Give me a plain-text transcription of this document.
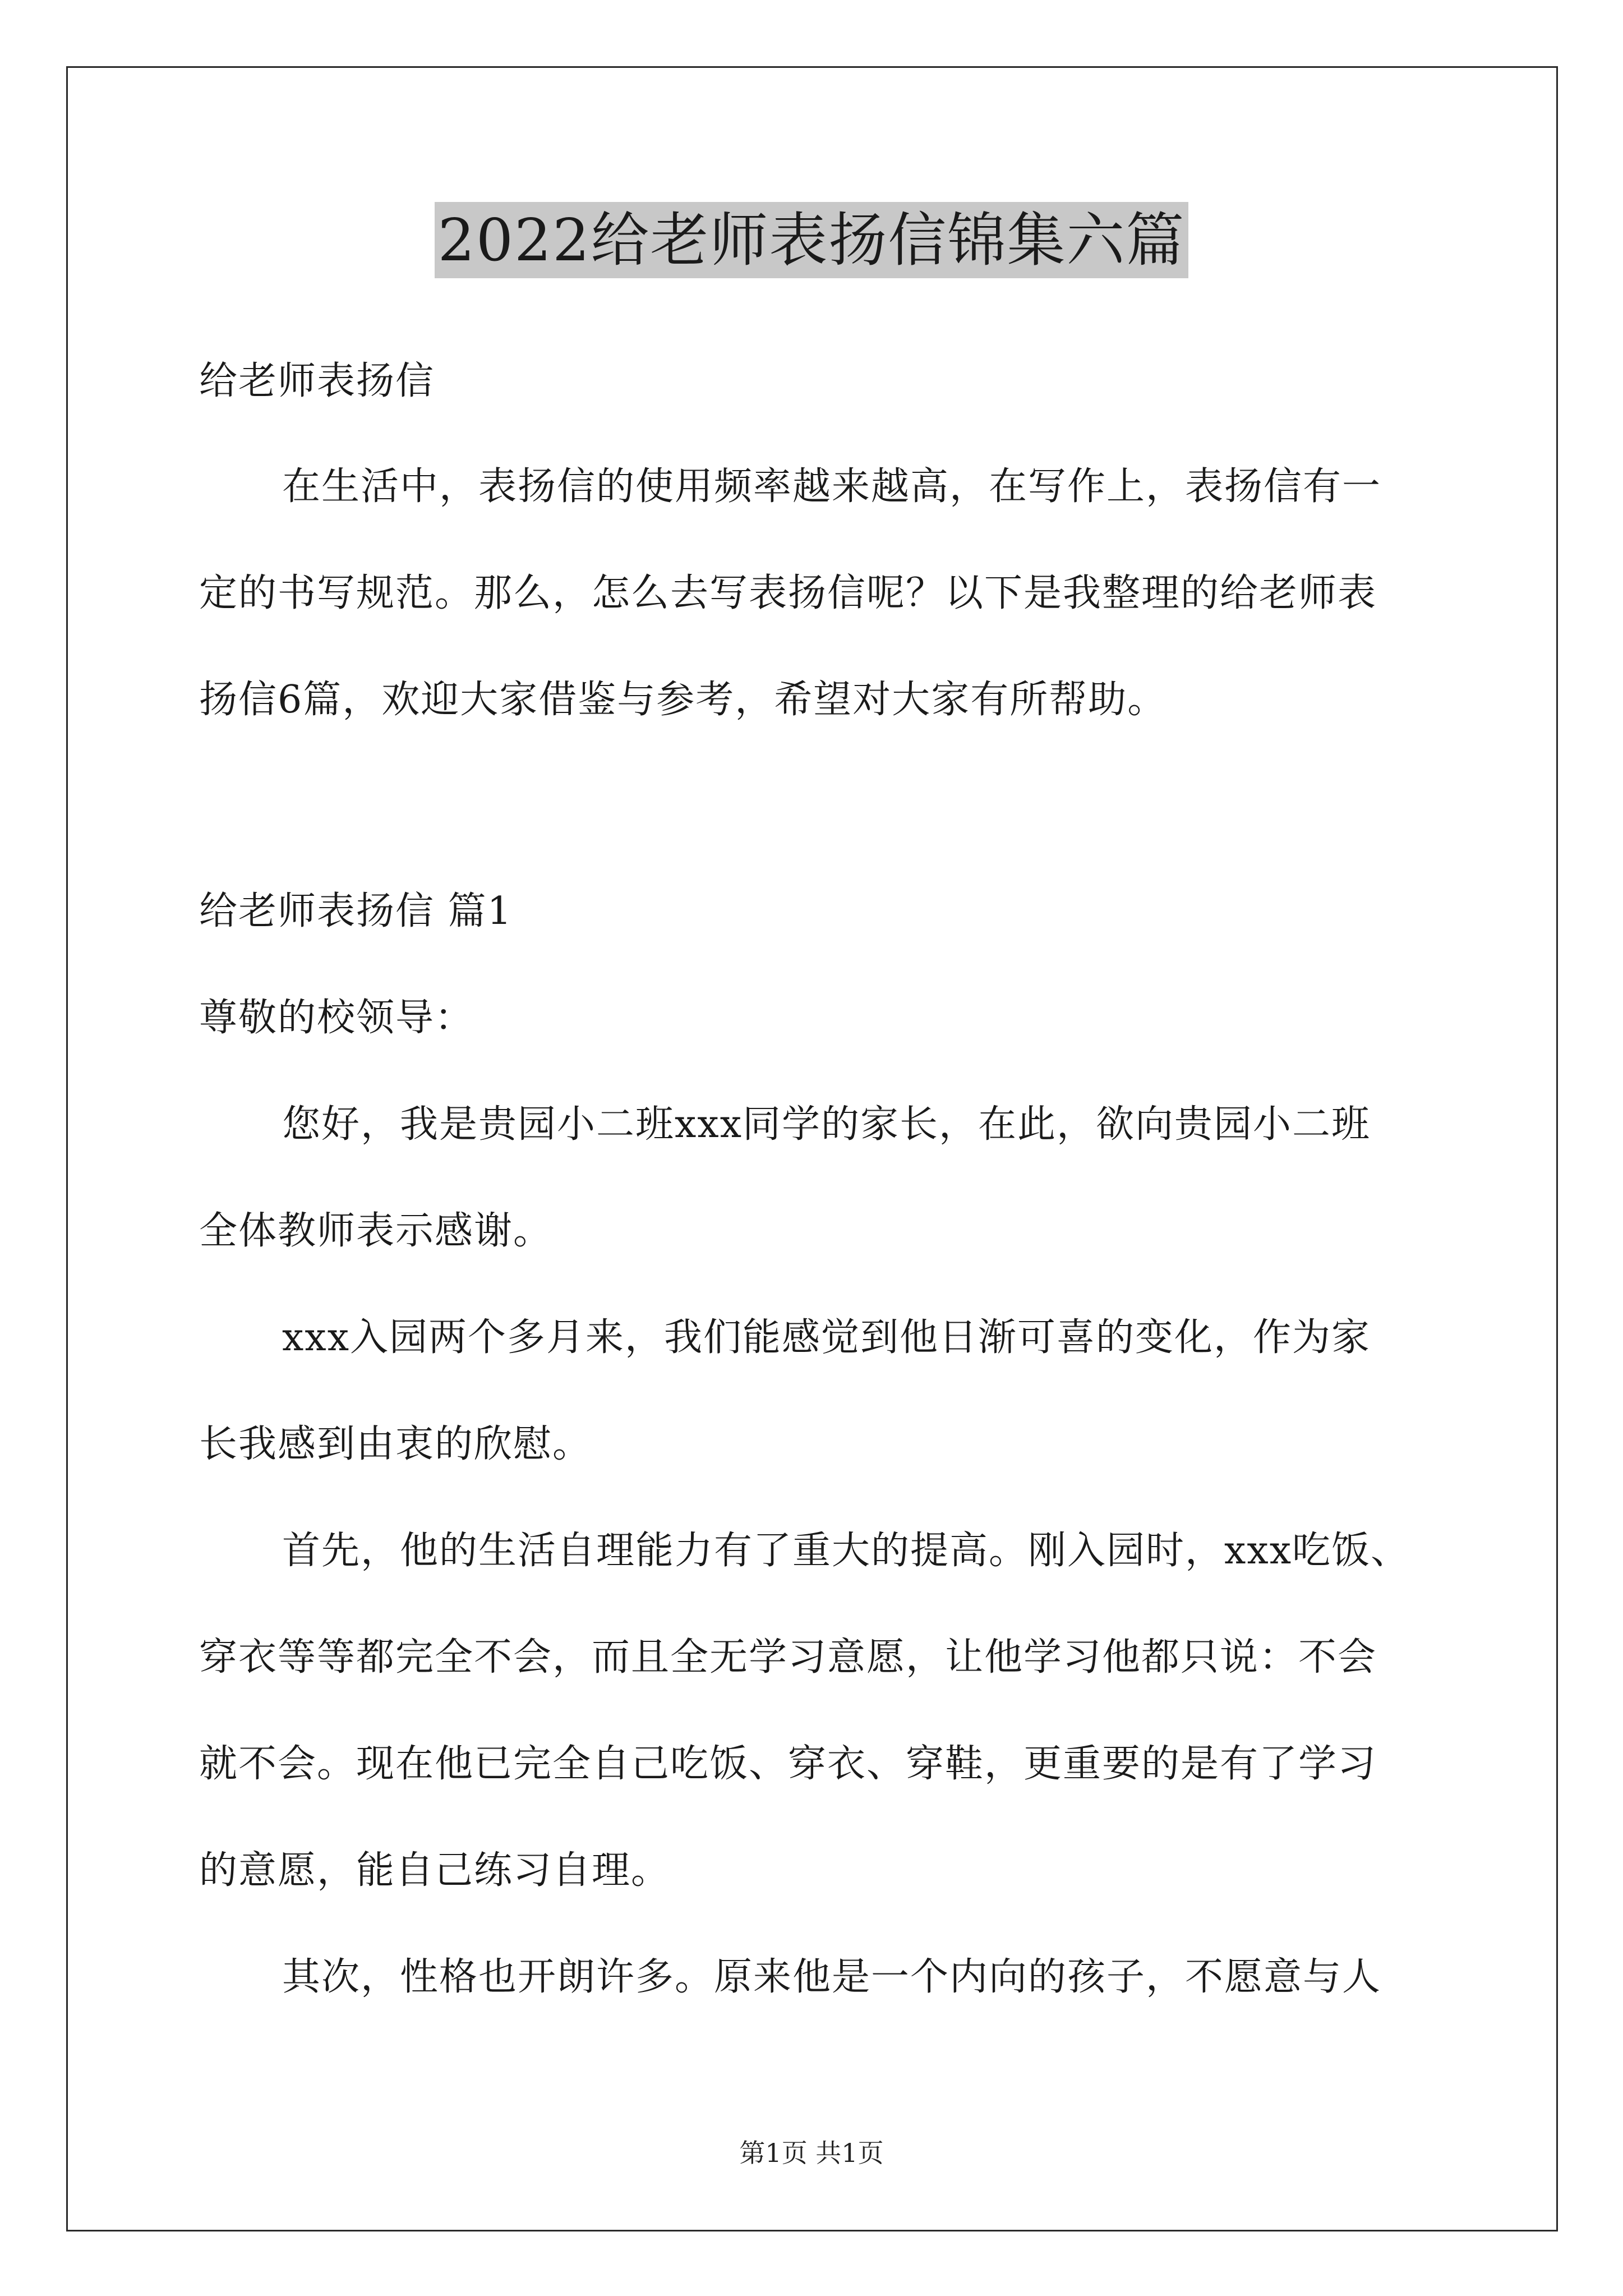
2022给老师表扬信锦集六篇
给老师表扬信
在生活中，表扬信的使用频率越来越高，在写作上，表扬信有一
定的书写规范。那么，怎么去写表扬信呢？以下是我整理的给老师表
扬信6篇，欢迎大家借鉴与参考，希望对大家有所帮助。
给老师表扬信 篇1
尊敬的校领导：
您好，我是贵园小二班xxx同学的家长，在此，欲向贵园小二班
全体教师表示感谢。
xxx入园两个多月来，我们能感觉到他日渐可喜的变化，作为家
长我感到由衷的欣慰。
首先，他的生活自理能力有了重大的提高。刚入园时，xxx吃饭、
穿衣等等都完全不会，而且全无学习意愿，让他学习他都只说：不会
就不会。现在他已完全自己吃饭、穿衣、穿鞋，更重要的是有了学习
的意愿，能自己练习自理。
其次，性格也开朗许多。原来他是一个内向的孩子，不愿意与人
第1页 共1页
